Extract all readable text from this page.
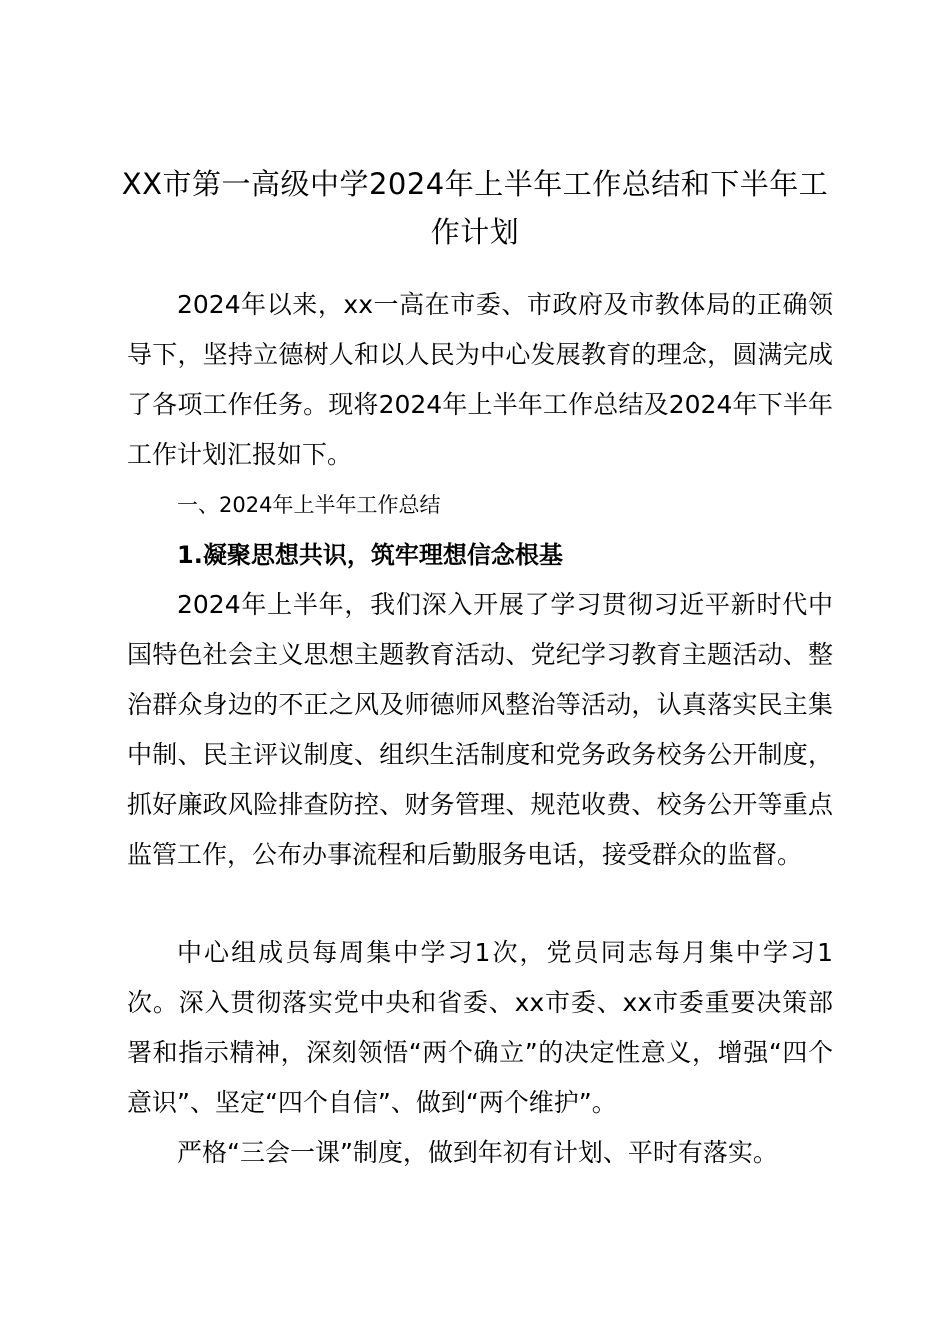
XX市第一高级中学2024年上半年工作总结和下半年工作计划

2024年以来，xx一高在市委、市政府及市教体局的正确领导下，坚持立德树人和以人民为中心发展教育的理念，圆满完成了各项工作任务。现将2024年上半年工作总结及2024年下半年工作计划汇报如下。

一、2024年上半年工作总结
1.凝聚思想共识，筑牢理想信念根基

2024年上半年，我们深入开展了学习贯彻习近平新时代中国特色社会主义思想主题教育活动、党纪学习教育主题活动、整治群众身边的不正之风及师德师风整治等活动，认真落实民主集中制、民主评议制度、组织生活制度和党务政务校务公开制度，抓好廉政风险排查防控、财务管理、规范收费、校务公开等重点监管工作，公布办事流程和后勤服务电话，接受群众的监督。

中心组成员每周集中学习1次，党员同志每月集中学习1次。深入贯彻落实党中央和省委、xx市委、xx市委重要决策部署和指示精神，深刻领悟“两个确立”的决定性意义，增强“四个意识”、坚定“四个自信”、做到“两个维护”。

严格“三会一课”制度，做到年初有计划、平时有落实。
